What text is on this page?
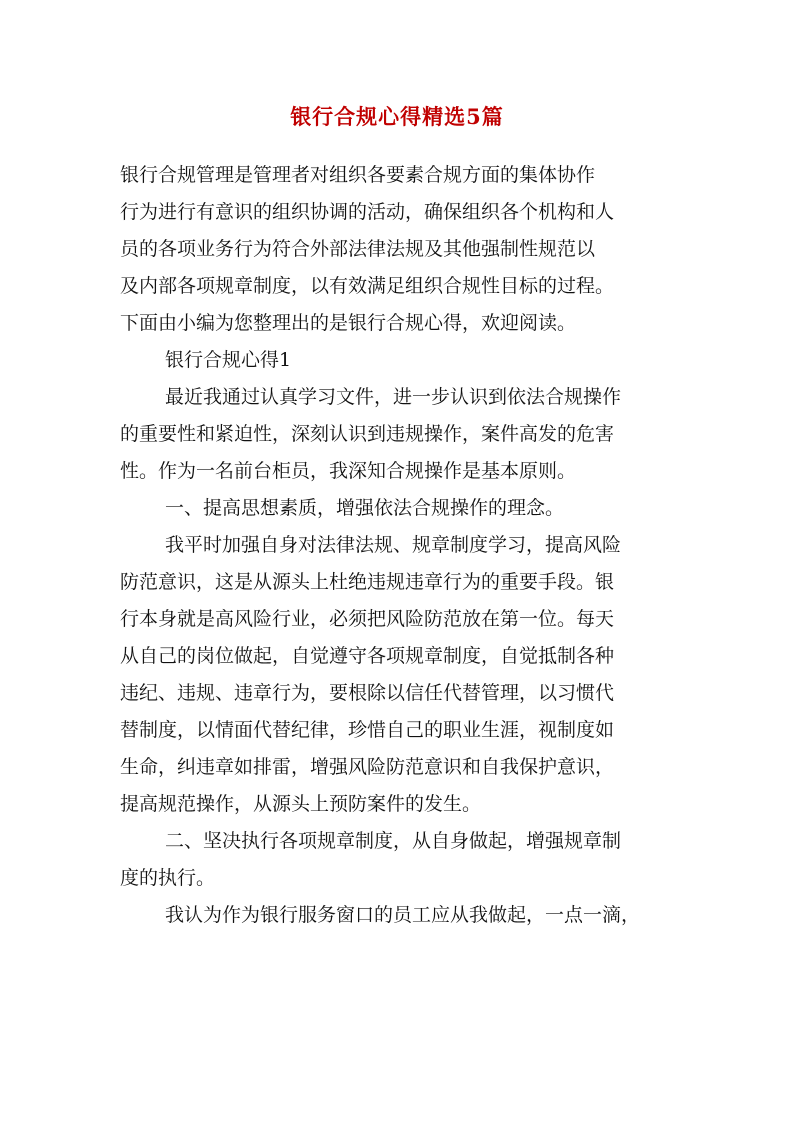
银行合规心得精选5篇
银行合规管理是管理者对组织各要素合规方面的集体协作
行为进行有意识的组织协调的活动，确保组织各个机构和人
员的各项业务行为符合外部法律法规及其他强制性规范以
及内部各项规章制度，以有效满足组织合规性目标的过程。
下面由小编为您整理出的是银行合规心得，欢迎阅读。
银行合规心得1
最近我通过认真学习文件，进一步认识到依法合规操作
的重要性和紧迫性，深刻认识到违规操作，案件高发的危害
性。作为一名前台柜员，我深知合规操作是基本原则。
一、提高思想素质，增强依法合规操作的理念。
我平时加强自身对法律法规、规章制度学习，提高风险
防范意识，这是从源头上杜绝违规违章行为的重要手段。银
行本身就是高风险行业，必须把风险防范放在第一位。每天
从自己的岗位做起，自觉遵守各项规章制度，自觉抵制各种
违纪、违规、违章行为，要根除以信任代替管理，以习惯代
替制度，以情面代替纪律，珍惜自己的职业生涯，视制度如
生命，纠违章如排雷，增强风险防范意识和自我保护意识，
提高规范操作，从源头上预防案件的发生。
二、坚决执行各项规章制度，从自身做起，增强规章制
度的执行。
我认为作为银行服务窗口的员工应从我做起，一点一滴，
